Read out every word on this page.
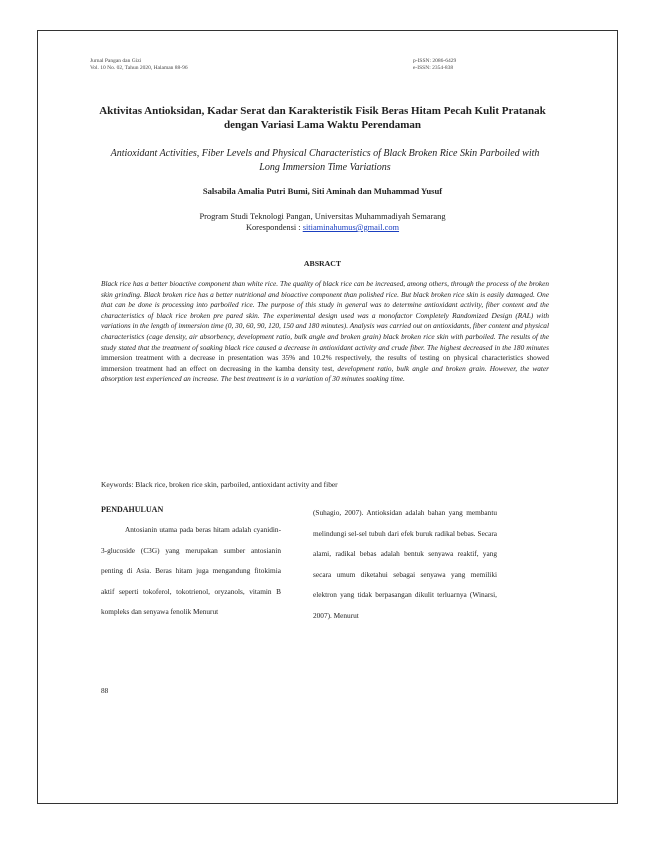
Jurnal Pangan dan Gizi
Vol. 10 No. 02, Tahun 2020, Halaman 88-96
p-ISSN: 2086-6429
e-ISSN: 2354-838
Aktivitas Antioksidan, Kadar Serat dan Karakteristik Fisik Beras Hitam Pecah Kulit Pratanak dengan Variasi Lama Waktu Perendaman
Antioxidant Activities, Fiber Levels and Physical Characteristics of Black Broken Rice Skin Parboiled with Long Immersion Time Variations
Salsabila Amalia Putri Bumi, Siti Aminah dan Muhammad Yusuf
Program Studi Teknologi Pangan, Universitas Muhammadiyah Semarang
Korespondensi : sitiaminahumus@gmail.com
ABSRACT
Black rice has a better bioactive component than white rice. The quality of black rice can be increased, among others, through the process of the broken skin grinding. Black broken rice has a better nutritional and bioactive component than polished rice. But black broken rice skin is easily damaged. One that can be done is processing into parboiled rice. The purpose of this study in general was to determine antioxidant activity, fiber content and the characteristics of black rice broken pre pared skin. The experimental design used was a monofactor Completely Randomized Design (RAL) with variations in the length of immersion time (0, 30, 60, 90, 120, 150 and 180 minutes). Analysis was carried out on antioxidants, fiber content and physical characteristics (cage density, air absorbency, development ratio, bulk angle and broken grain) black broken rice skin with parboiled. The results of the study stated that the treatment of soaking black rice caused a decrease in antioxidant activity and crude fiber. The highest decreased in the 180 minutes immersion treatment with a decrease in presentation was 35% and 10.2% respectively, the results of testing on physical characteristics showed immersion treatment had an effect on decreasing in the kamba density test, development ratio, bulk angle and broken grain. However, the water absorption test experienced an increase. The best treatment is in a variation of 30 minutes soaking time.
Keywords: Black rice, broken rice skin, parboiled, antioxidant activity and fiber
PENDAHULUAN

Antosianin utama pada beras hitam adalah cyanidin-3-glucoside (C3G) yang merupakan sumber antosianin penting di Asia. Beras hitam juga mengandung fitokimia aktif seperti tokoferol, tokotrienol, oryzanols, vitamin B kompleks dan senyawa fenolik Menurut

(Suhagio, 2007). Antioksidan adalah bahan yang membantu melindungi sel-sel tubuh dari efek buruk radikal bebas. Secara alami, radikal bebas adalah bentuk senyawa reaktif, yang secara umum diketahui sebagai senyawa yang memiliki elektron yang tidak berpasangan dikulit terluarnya (Winarsi, 2007). Menurut

88
